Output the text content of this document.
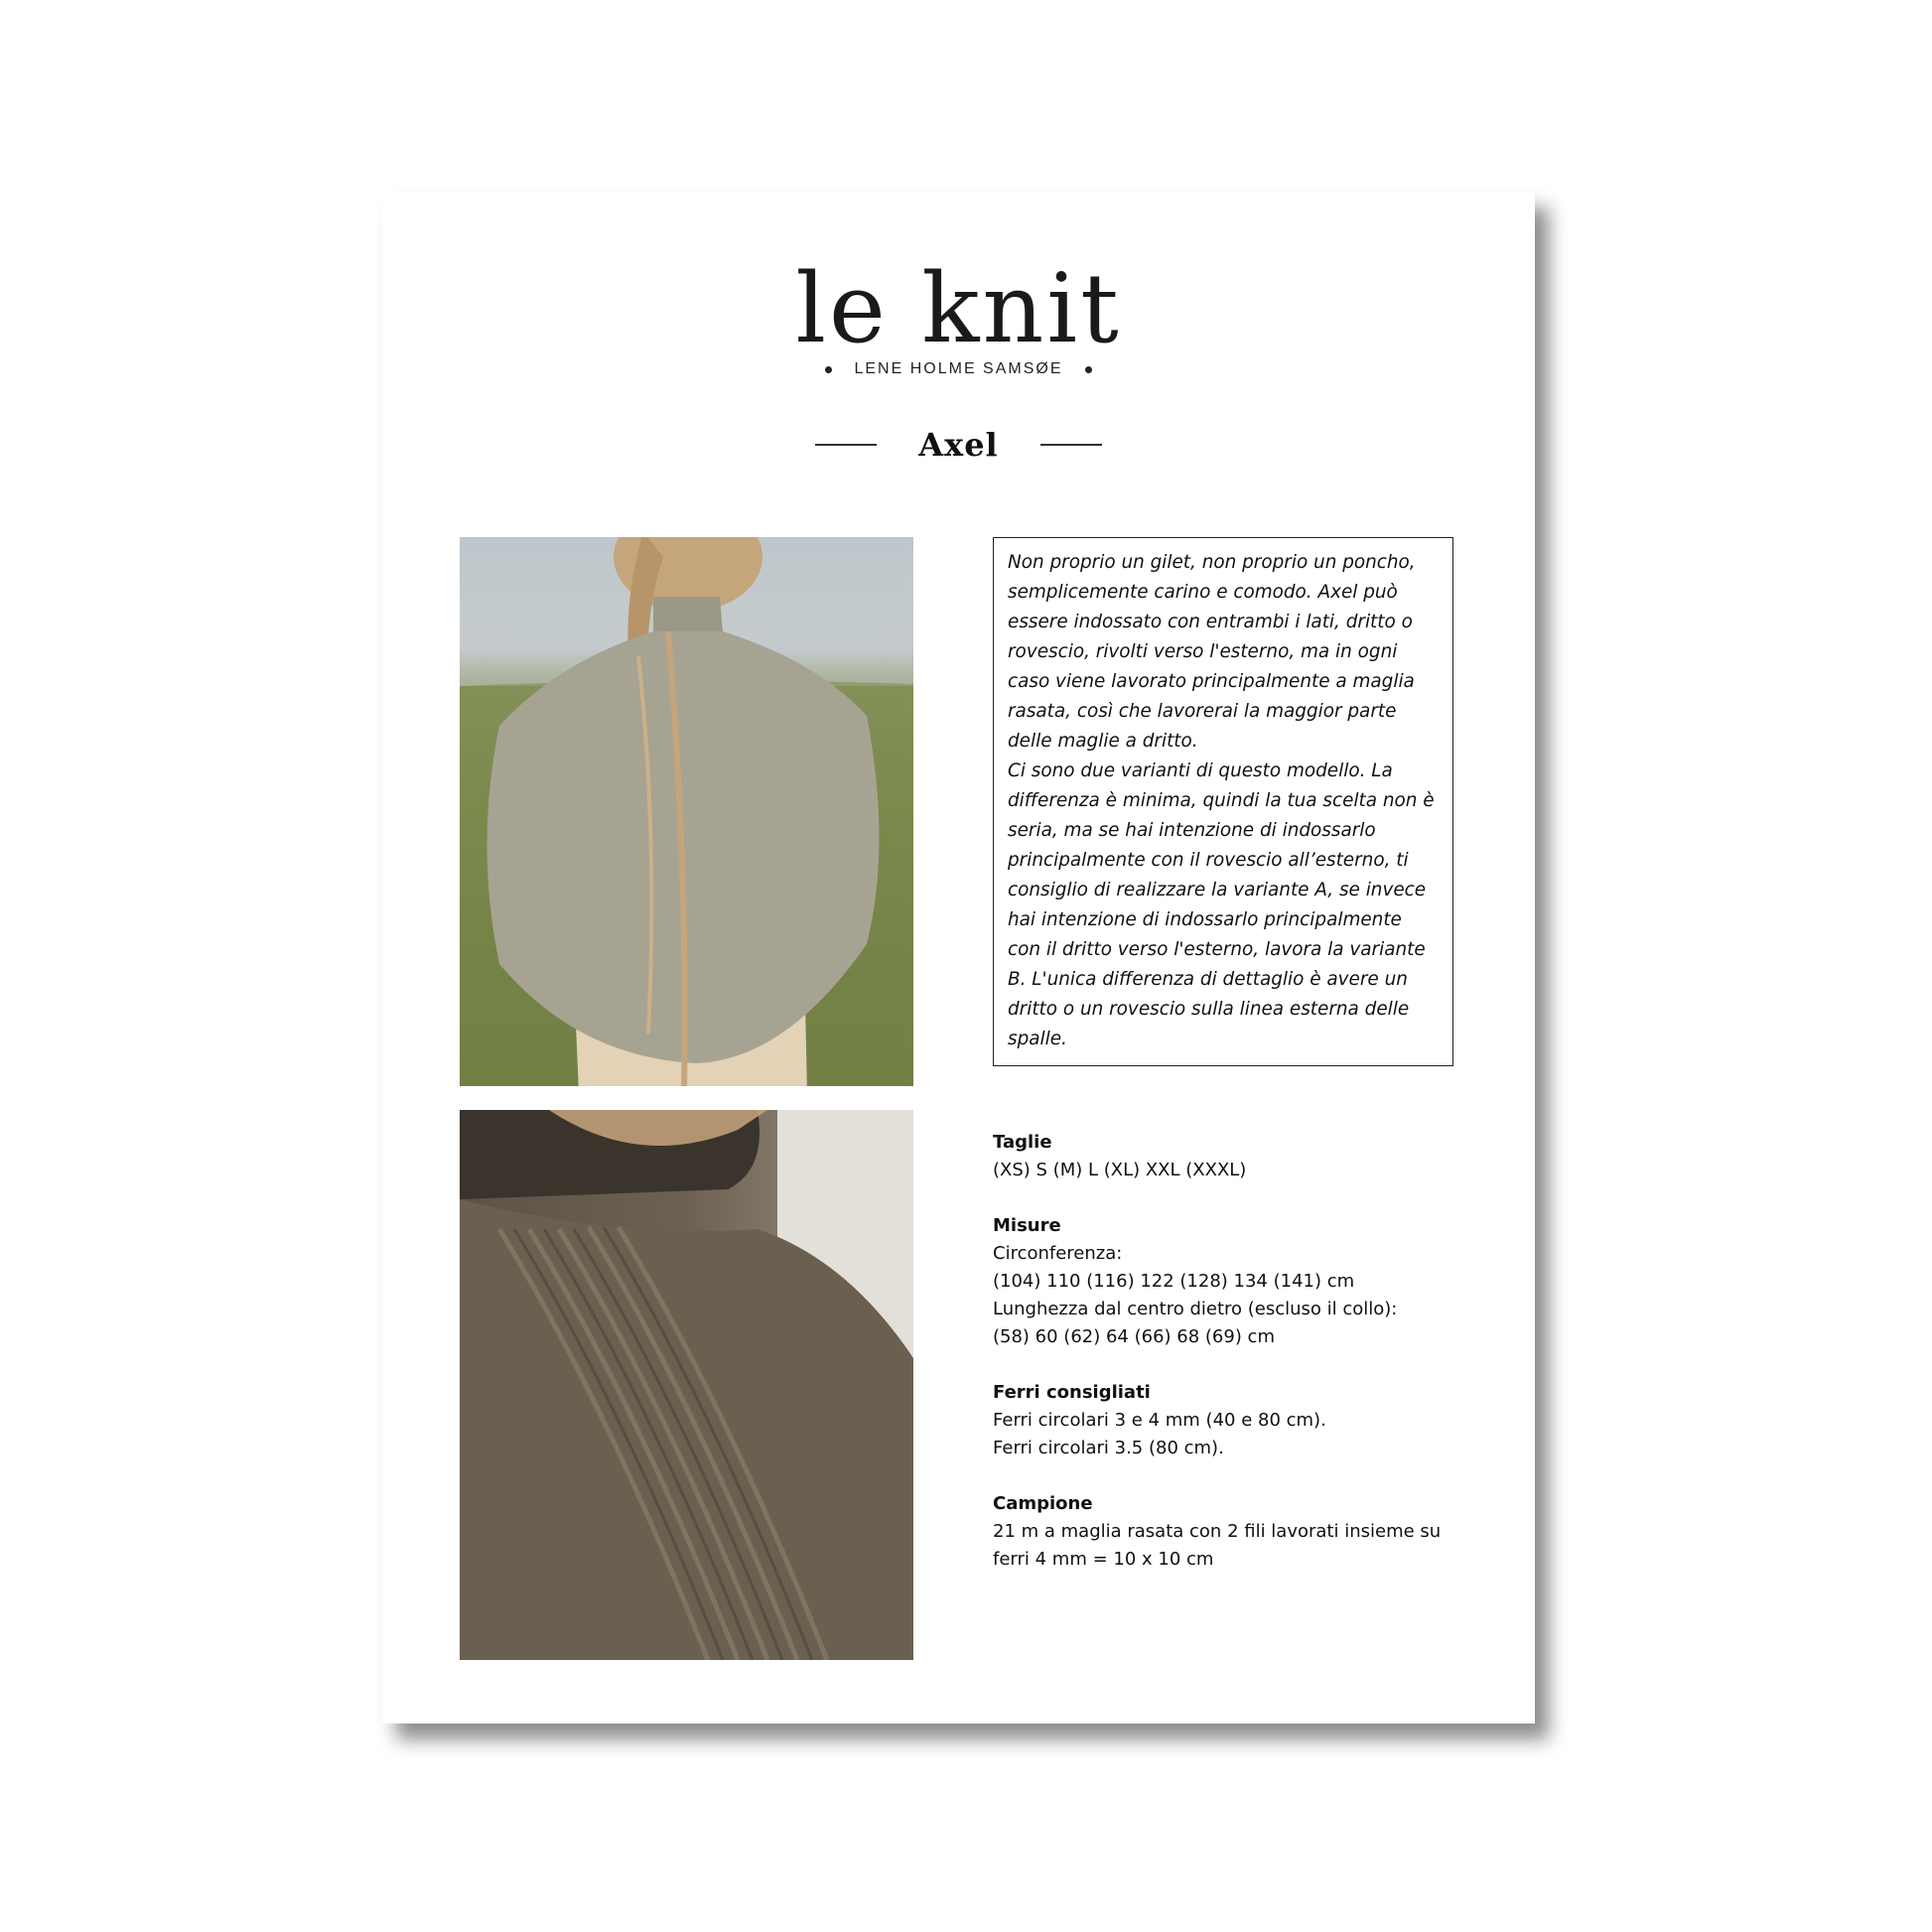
le knit
LENE HOLME SAMSØE
Axel

Non proprio un gilet, non proprio un poncho, semplicemente carino e comodo. Axel può essere indossato con entrambi i lati, dritto o rovescio, rivolti verso l'esterno, ma in ogni caso viene lavorato principalmente a maglia rasata, così che lavorerai la maggior parte delle maglie a dritto.

Ci sono due varianti di questo modello. La differenza è minima, quindi la tua scelta non è seria, ma se hai intenzione di indossarlo principalmente con il rovescio all’esterno, ti consiglio di realizzare la variante A, se invece hai intenzione di indossarlo principalmente con il dritto verso l'esterno, lavora la variante B. L'unica differenza di dettaglio è avere un dritto o un rovescio sulla linea esterna delle spalle.

Taglie
(XS) S (M) L (XL) XXL (XXXL)
Misure
Circonferenza:
(104) 110 (116) 122 (128) 134 (141) cm
Lunghezza dal centro dietro (escluso il collo):
(58) 60 (62) 64 (66) 68 (69) cm
Ferri consigliati
Ferri circolari 3 e 4 mm (40 e 80 cm).
Ferri circolari 3.5 (80 cm).
Campione
21 m a maglia rasata con 2 fili lavorati insieme su
ferri 4 mm = 10 x 10 cm
